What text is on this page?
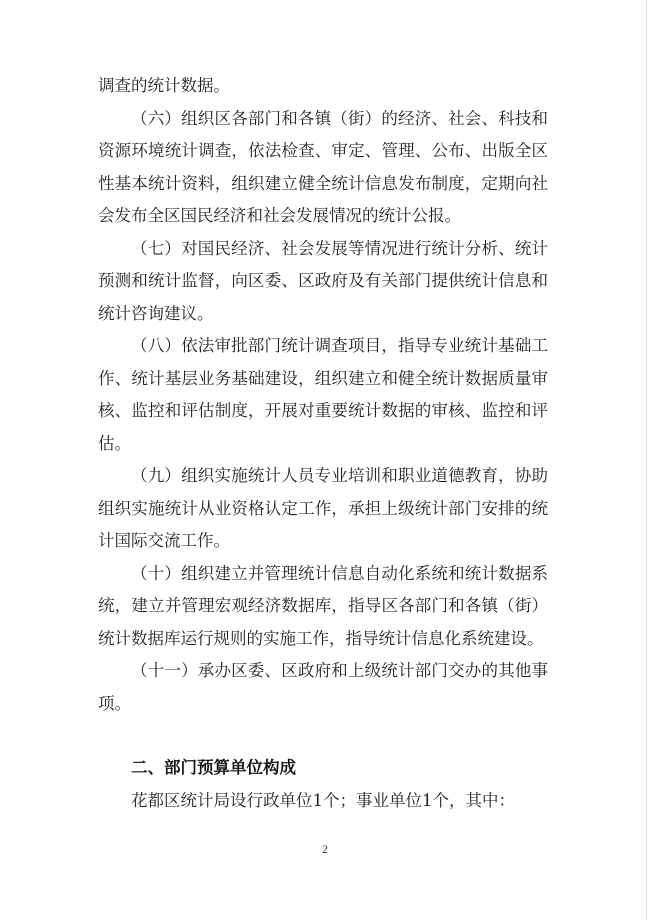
调查的统计数据。

（六）组织区各部门和各镇（街）的经济、社会、科技和资源环境统计调查，依法检查、审定、管理、公布、出版全区性基本统计资料，组织建立健全统计信息发布制度，定期向社会发布全区国民经济和社会发展情况的统计公报。

（七）对国民经济、社会发展等情况进行统计分析、统计预测和统计监督，向区委、区政府及有关部门提供统计信息和统计咨询建议。

（八）依法审批部门统计调查项目，指导专业统计基础工作、统计基层业务基础建设，组织建立和健全统计数据质量审核、监控和评估制度，开展对重要统计数据的审核、监控和评估。

（九）组织实施统计人员专业培训和职业道德教育，协助组织实施统计从业资格认定工作，承担上级统计部门安排的统计国际交流工作。

（十）组织建立并管理统计信息自动化系统和统计数据系统，建立并管理宏观经济数据库，指导区各部门和各镇（街）统计数据库运行规则的实施工作，指导统计信息化系统建设。

（十一）承办区委、区政府和上级统计部门交办的其他事项。

二、部门预算单位构成

花都区统计局设行政单位1个；事业单位1个，其中：

2
